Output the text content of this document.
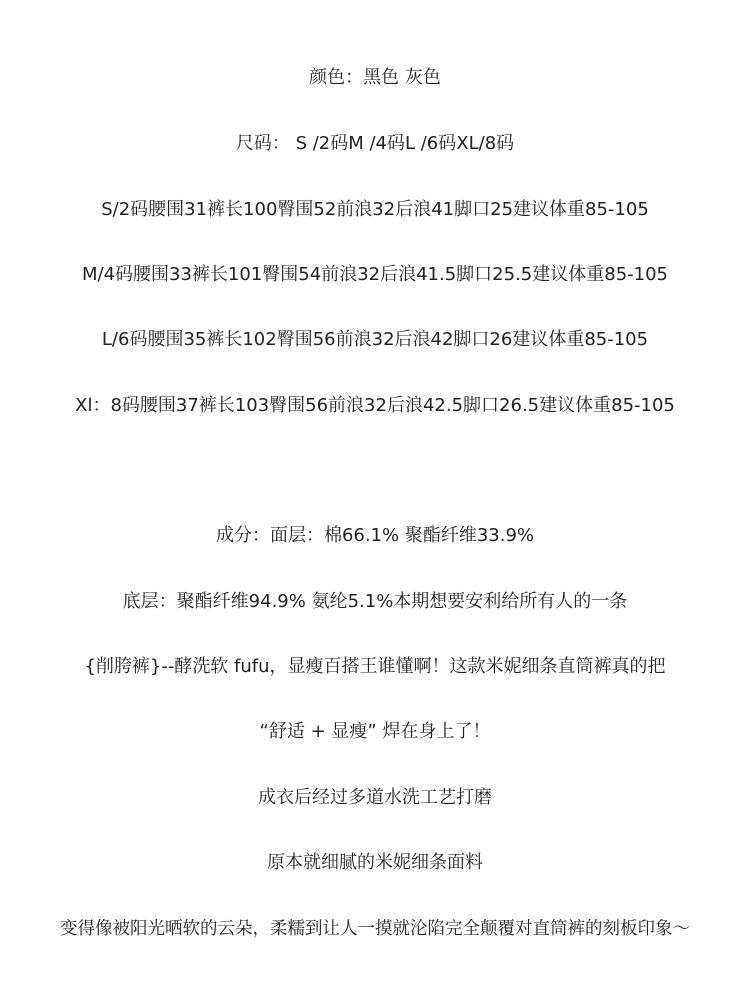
颜色：黑色 灰色
尺码： S /2码M /4码L /6码XL/8码
S/2码腰围31裤长100臀围52前浪32后浪41脚口25建议体重85-105
M/4码腰围33裤长101臀围54前浪32后浪41.5脚口25.5建议体重85-105
L/6码腰围35裤长102臀围56前浪32后浪42脚口26建议体重85-105
Xl：8码腰围37裤长103臀围56前浪32后浪42.5脚口26.5建议体重85-105
成分：面层：棉66.1% 聚酯纤维33.9%
底层：聚酯纤维94.9% 氨纶5.1%本期想要安利给所有人的一条
{削胯裤}--酵洗软 fufu，显瘦百搭王谁懂啊！这款米妮细条直筒裤真的把
“舒适 + 显瘦” 焊在身上了！
成衣后经过多道水洗工艺打磨
原本就细腻的米妮细条面料
变得像被阳光晒软的云朵，柔糯到让人一摸就沦陷完全颠覆对直筒裤的刻板印象～
